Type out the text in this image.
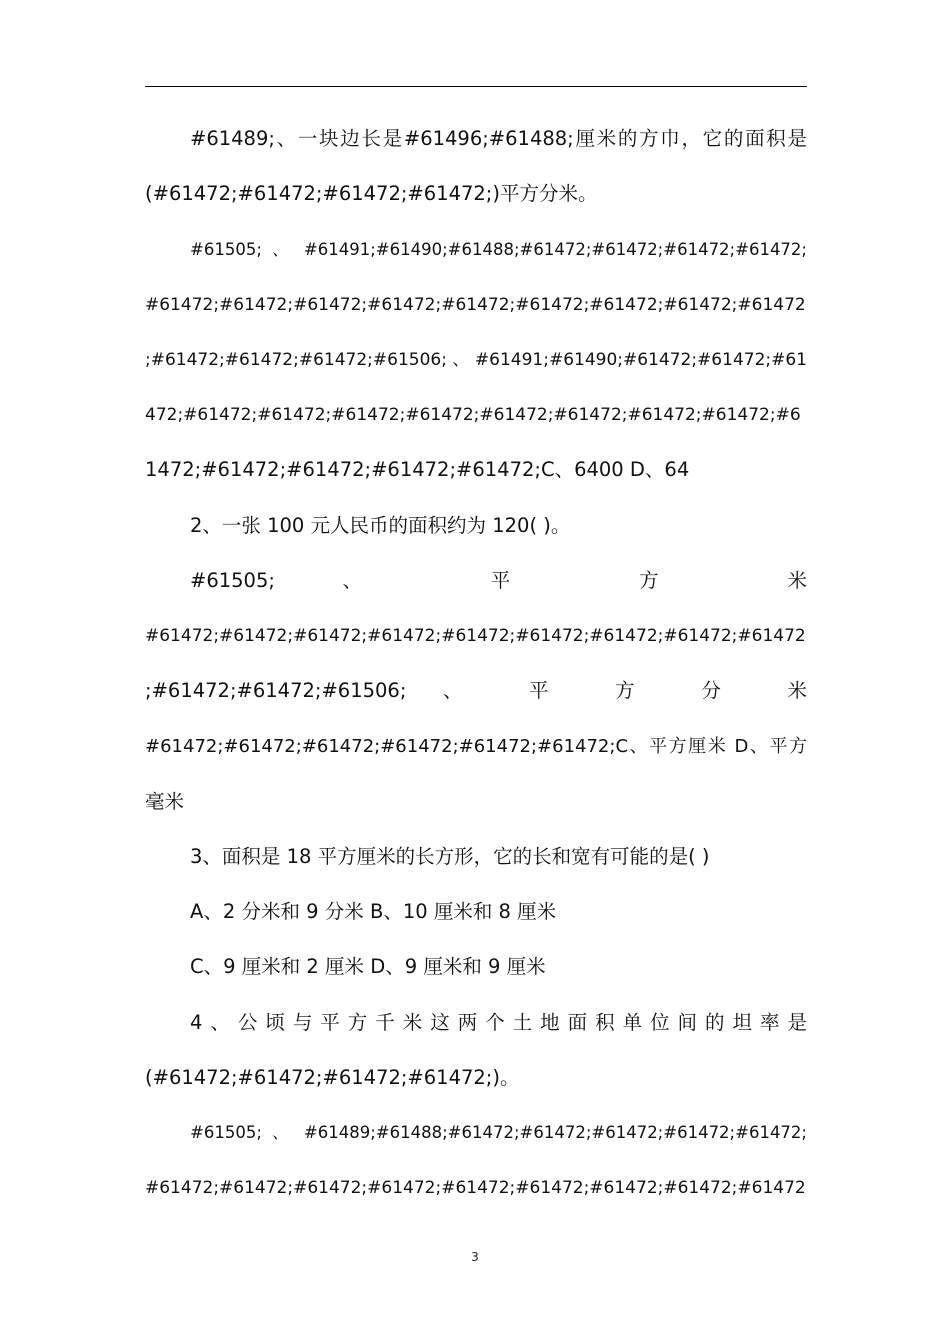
#61489;、一块边长是#61496;#61488;厘米的方巾，它的面积是
(#61472;#61472;#61472;#61472;)平方分米。
#61505; 、 #61491;#61490;#61488;#61472;#61472;#61472;#61472;
#61472;#61472;#61472;#61472;#61472;#61472;#61472;#61472;#61472
;#61472;#61472;#61472;#61506; 、 #61491;#61490;#61472;#61472;#61
472;#61472;#61472;#61472;#61472;#61472;#61472;#61472;#61472;#6
1472;#61472;#61472;#61472;#61472;C、6400 D、64
2、一张 100 元人民币的面积约为 120( )。
#61505; 、 平 方 米
#61472;#61472;#61472;#61472;#61472;#61472;#61472;#61472;#61472
;#61472;#61472;#61506; 、 平 方 分 米
#61472;#61472;#61472;#61472;#61472;#61472;C、平方厘米 D、平方
毫米
3、面积是 18 平方厘米的长方形，它的长和宽有可能的是( )
A、2 分米和 9 分米 B、10 厘米和 8 厘米
C、9 厘米和 2 厘米 D、9 厘米和 9 厘米
4、公顷与平方千米这两个土地面积单位间的坦率是
(#61472;#61472;#61472;#61472;)。
#61505; 、 #61489;#61488;#61472;#61472;#61472;#61472;#61472;
#61472;#61472;#61472;#61472;#61472;#61472;#61472;#61472;#61472
3
